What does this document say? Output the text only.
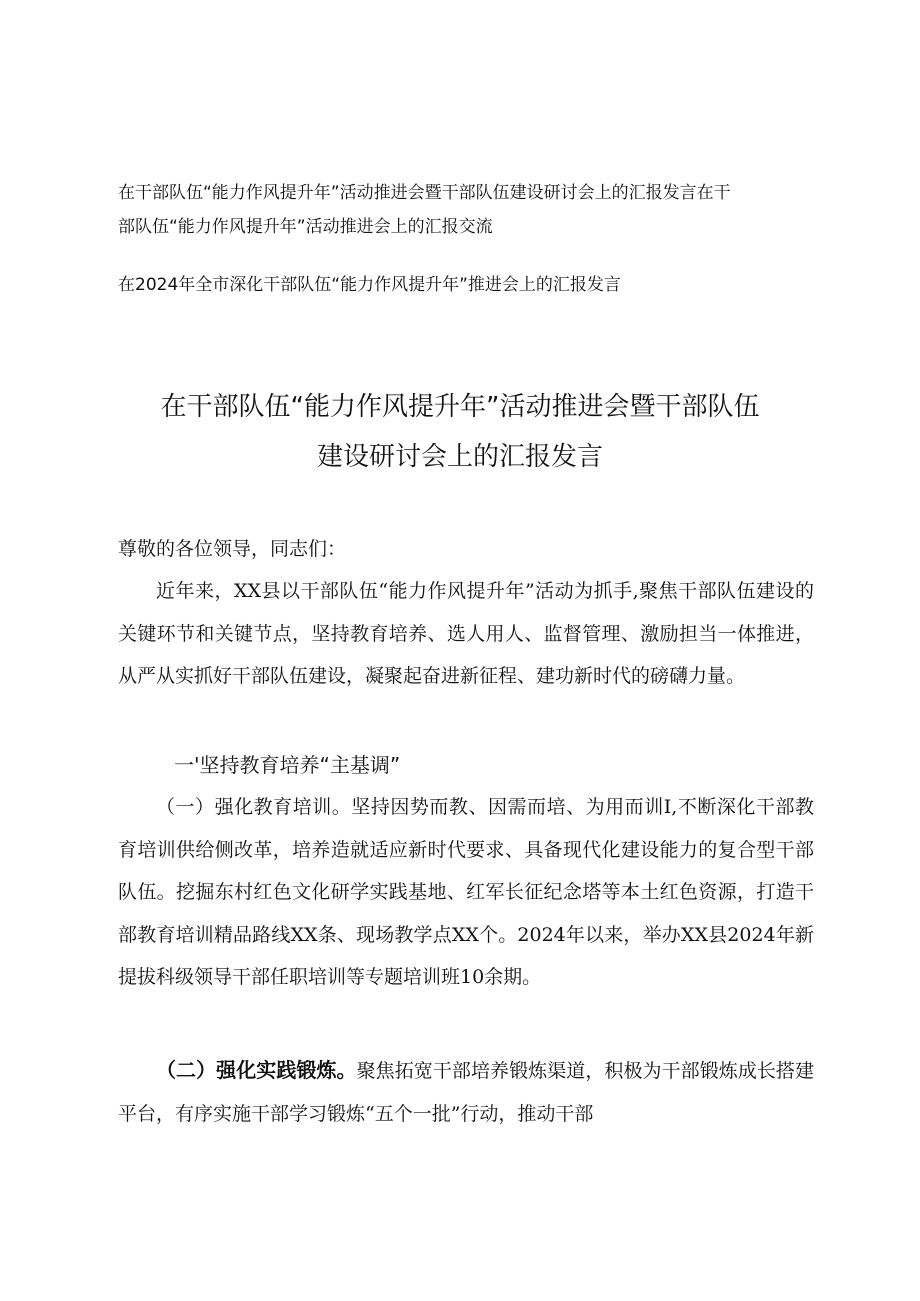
在干部队伍“能力作风提升年”活动推进会暨干部队伍建设研讨会上的汇报发言在干
部队伍“能力作风提升年”活动推进会上的汇报交流
在2024年全市深化干部队伍“能力作风提升年”推进会上的汇报发言
在干部队伍“能力作风提升年”活动推进会暨干部队伍
建设研讨会上的汇报发言
尊敬的各位领导，同志们：
近年来，XX县以干部队伍“能力作风提升年”活动为抓手,聚焦干部队伍建设的关键环节和关键节点，坚持教育培养、选人用人、监督管理、激励担当一体推进，从严从实抓好干部队伍建设，凝聚起奋进新征程、建功新时代的磅礴力量。
一'坚持教育培养“主基调”
（一）强化教育培训。坚持因势而教、因需而培、为用而训I,不断深化干部教育培训供给侧改革，培养造就适应新时代要求、具备现代化建设能力的复合型干部队伍。挖掘东村红色文化研学实践基地、红军长征纪念塔等本土红色资源，打造干部教育培训精品路线XX条、现场教学点XX个。2024年以来，举办XX县2024年新提拔科级领导干部任职培训等专题培训班10余期。
（二）强化实践锻炼。聚焦拓宽干部培养锻炼渠道，积极为干部锻炼成长搭建平台，有序实施干部学习锻炼“五个一批”行动，推动干部
